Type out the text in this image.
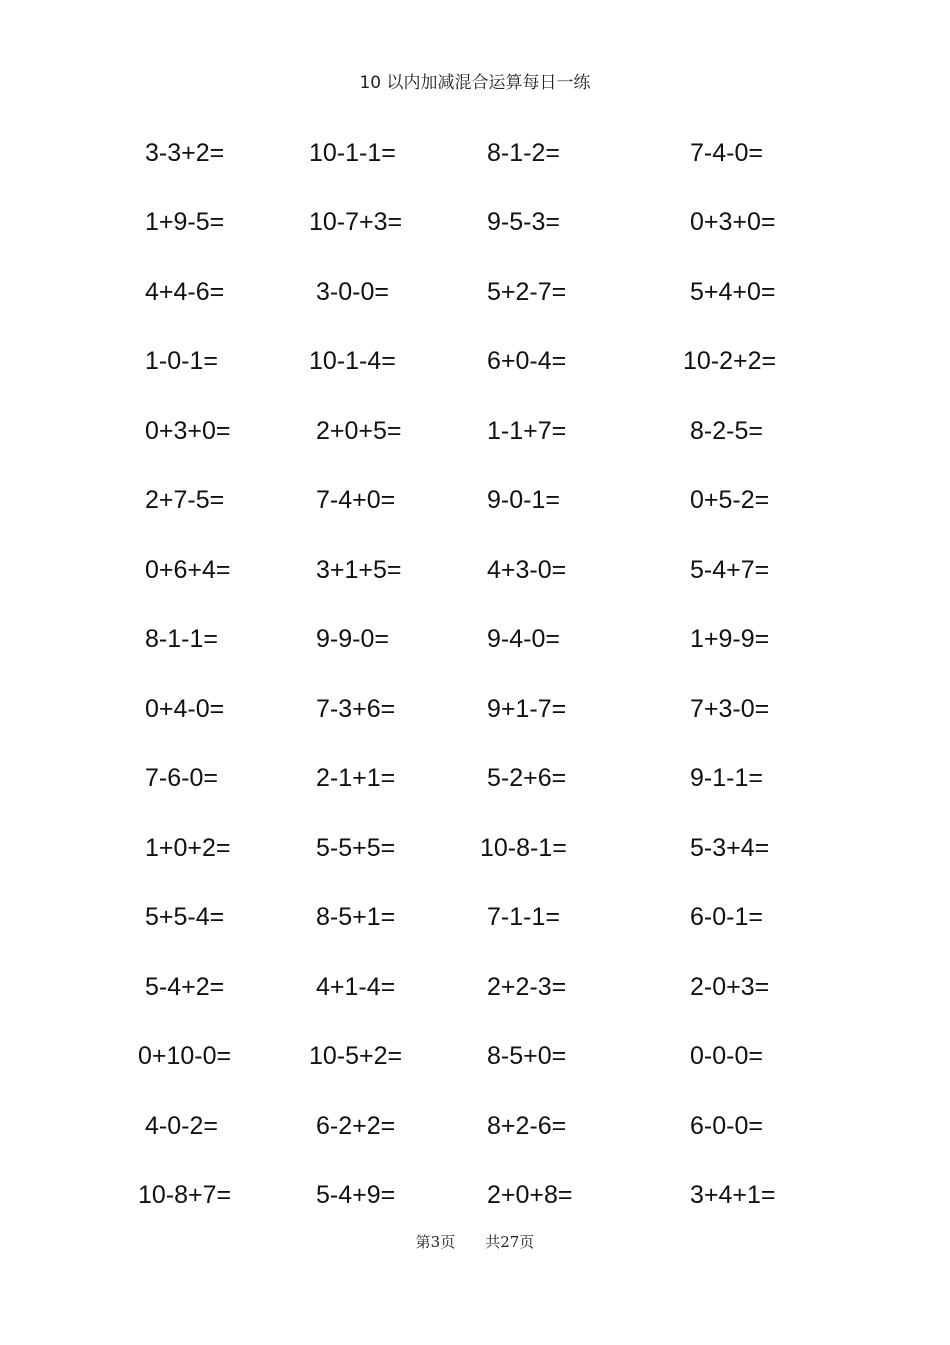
10 以内加减混合运算每日一练
3-3+2=	10-1-1=	8-1-2=	7-4-0=
1+9-5=	10-7+3=	9-5-3=	0+3+0=
4+4-6=	3-0-0=	5+2-7=	5+4+0=
1-0-1=	10-1-4=	6+0-4=	10-2+2=
0+3+0=	2+0+5=	1-1+7=	8-2-5=
2+7-5=	7-4+0=	9-0-1=	0+5-2=
0+6+4=	3+1+5=	4+3-0=	5-4+7=
8-1-1=	9-9-0=	9-4-0=	1+9-9=
0+4-0=	7-3+6=	9+1-7=	7+3-0=
7-6-0=	2-1+1=	5-2+6=	9-1-1=
1+0+2=	5-5+5=	10-8-1=	5-3+4=
5+5-4=	8-5+1=	7-1-1=	6-0-1=
5-4+2=	4+1-4=	2+2-3=	2-0+3=
0+10-0=	10-5+2=	8-5+0=	0-0-0=
4-0-2=	6-2+2=	8+2-6=	6-0-0=
10-8+7=	5-4+9=	2+0+8=	3+4+1=
第3页 共27页
